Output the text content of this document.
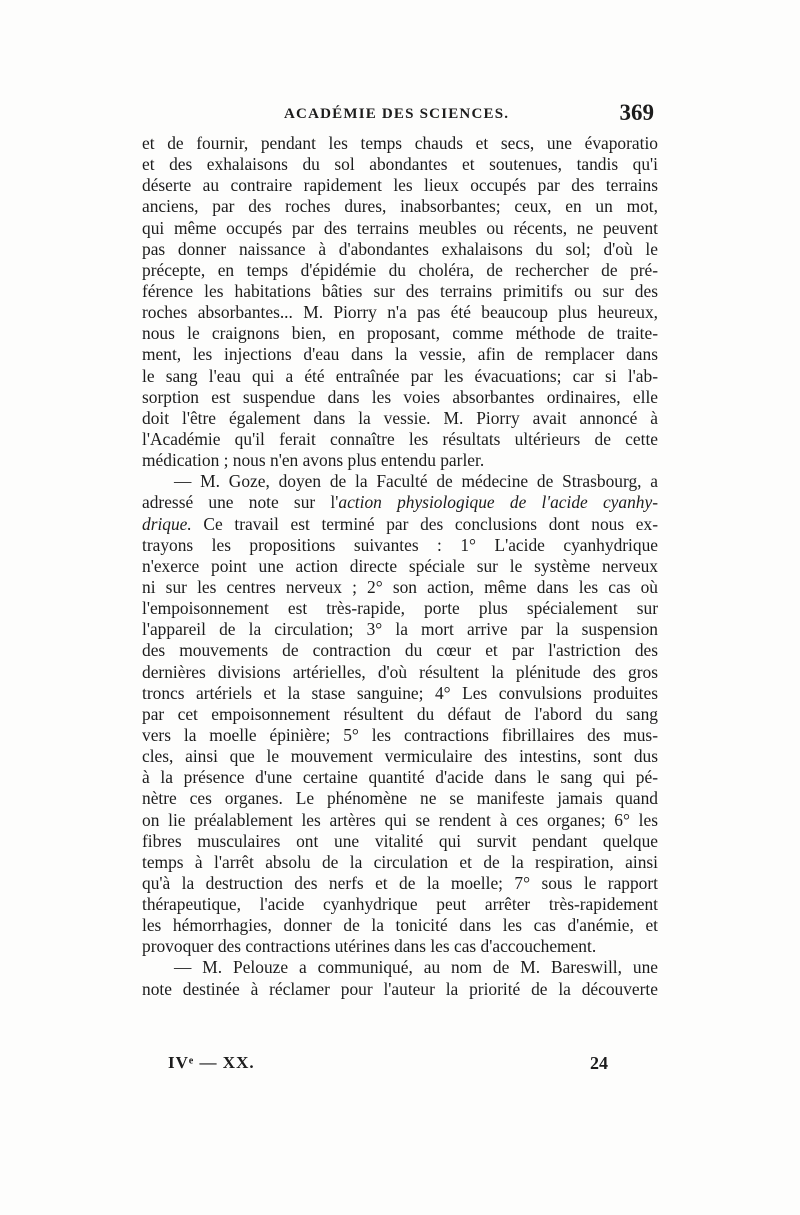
ACADÉMIE DES SCIENCES.	369
et de fournir, pendant les temps chauds et secs, une évaporatio
et des exhalaisons du sol abondantes et soutenues, tandis qu'i
déserte au contraire rapidement les lieux occupés par des terrains
anciens, par des roches dures, inabsorbantes; ceux, en un mot,
qui même occupés par des terrains meubles ou récents, ne peuvent
pas donner naissance à d'abondantes exhalaisons du sol; d'où le
précepte, en temps d'épidémie du choléra, de rechercher de pré-
férence les habitations bâties sur des terrains primitifs ou sur des
roches absorbantes... M. Piorry n'a pas été beaucoup plus heureux,
nous le craignons bien, en proposant, comme méthode de traite-
ment, les injections d'eau dans la vessie, afin de remplacer dans
le sang l'eau qui a été entraînée par les évacuations; car si l'ab-
sorption est suspendue dans les voies absorbantes ordinaires, elle
doit l'être également dans la vessie. M. Piorry avait annoncé à
l'Académie qu'il ferait connaître les résultats ultérieurs de cette
médication ; nous n'en avons plus entendu parler.
— M. Goze, doyen de la Faculté de médecine de Strasbourg, a
adressé une note sur l'action physiologique de l'acide cyanhy-
drique. Ce travail est terminé par des conclusions dont nous ex-
trayons les propositions suivantes : 1° L'acide cyanhydrique
n'exerce point une action directe spéciale sur le système nerveux
ni sur les centres nerveux ; 2° son action, même dans les cas où
l'empoisonnement est très-rapide, porte plus spécialement sur
l'appareil de la circulation; 3° la mort arrive par la suspension
des mouvements de contraction du cœur et par l'astriction des
dernières divisions artérielles, d'où résultent la plénitude des gros
troncs artériels et la stase sanguine; 4° Les convulsions produites
par cet empoisonnement résultent du défaut de l'abord du sang
vers la moelle épinière; 5° les contractions fibrillaires des mus-
cles, ainsi que le mouvement vermiculaire des intestins, sont dus
à la présence d'une certaine quantité d'acide dans le sang qui pé-
nètre ces organes. Le phénomène ne se manifeste jamais quand
on lie préalablement les artères qui se rendent à ces organes; 6° les
fibres musculaires ont une vitalité qui survit pendant quelque
temps à l'arrêt absolu de la circulation et de la respiration, ainsi
qu'à la destruction des nerfs et de la moelle; 7° sous le rapport
thérapeutique, l'acide cyanhydrique peut arrêter très-rapidement
les hémorrhagies, donner de la tonicité dans les cas d'anémie, et
provoquer des contractions utérines dans les cas d'accouchement.
— M. Pelouze a communiqué, au nom de M. Bareswill, une
note destinée à réclamer pour l'auteur la priorité de la découverte
IVᵉ — XX.	24
